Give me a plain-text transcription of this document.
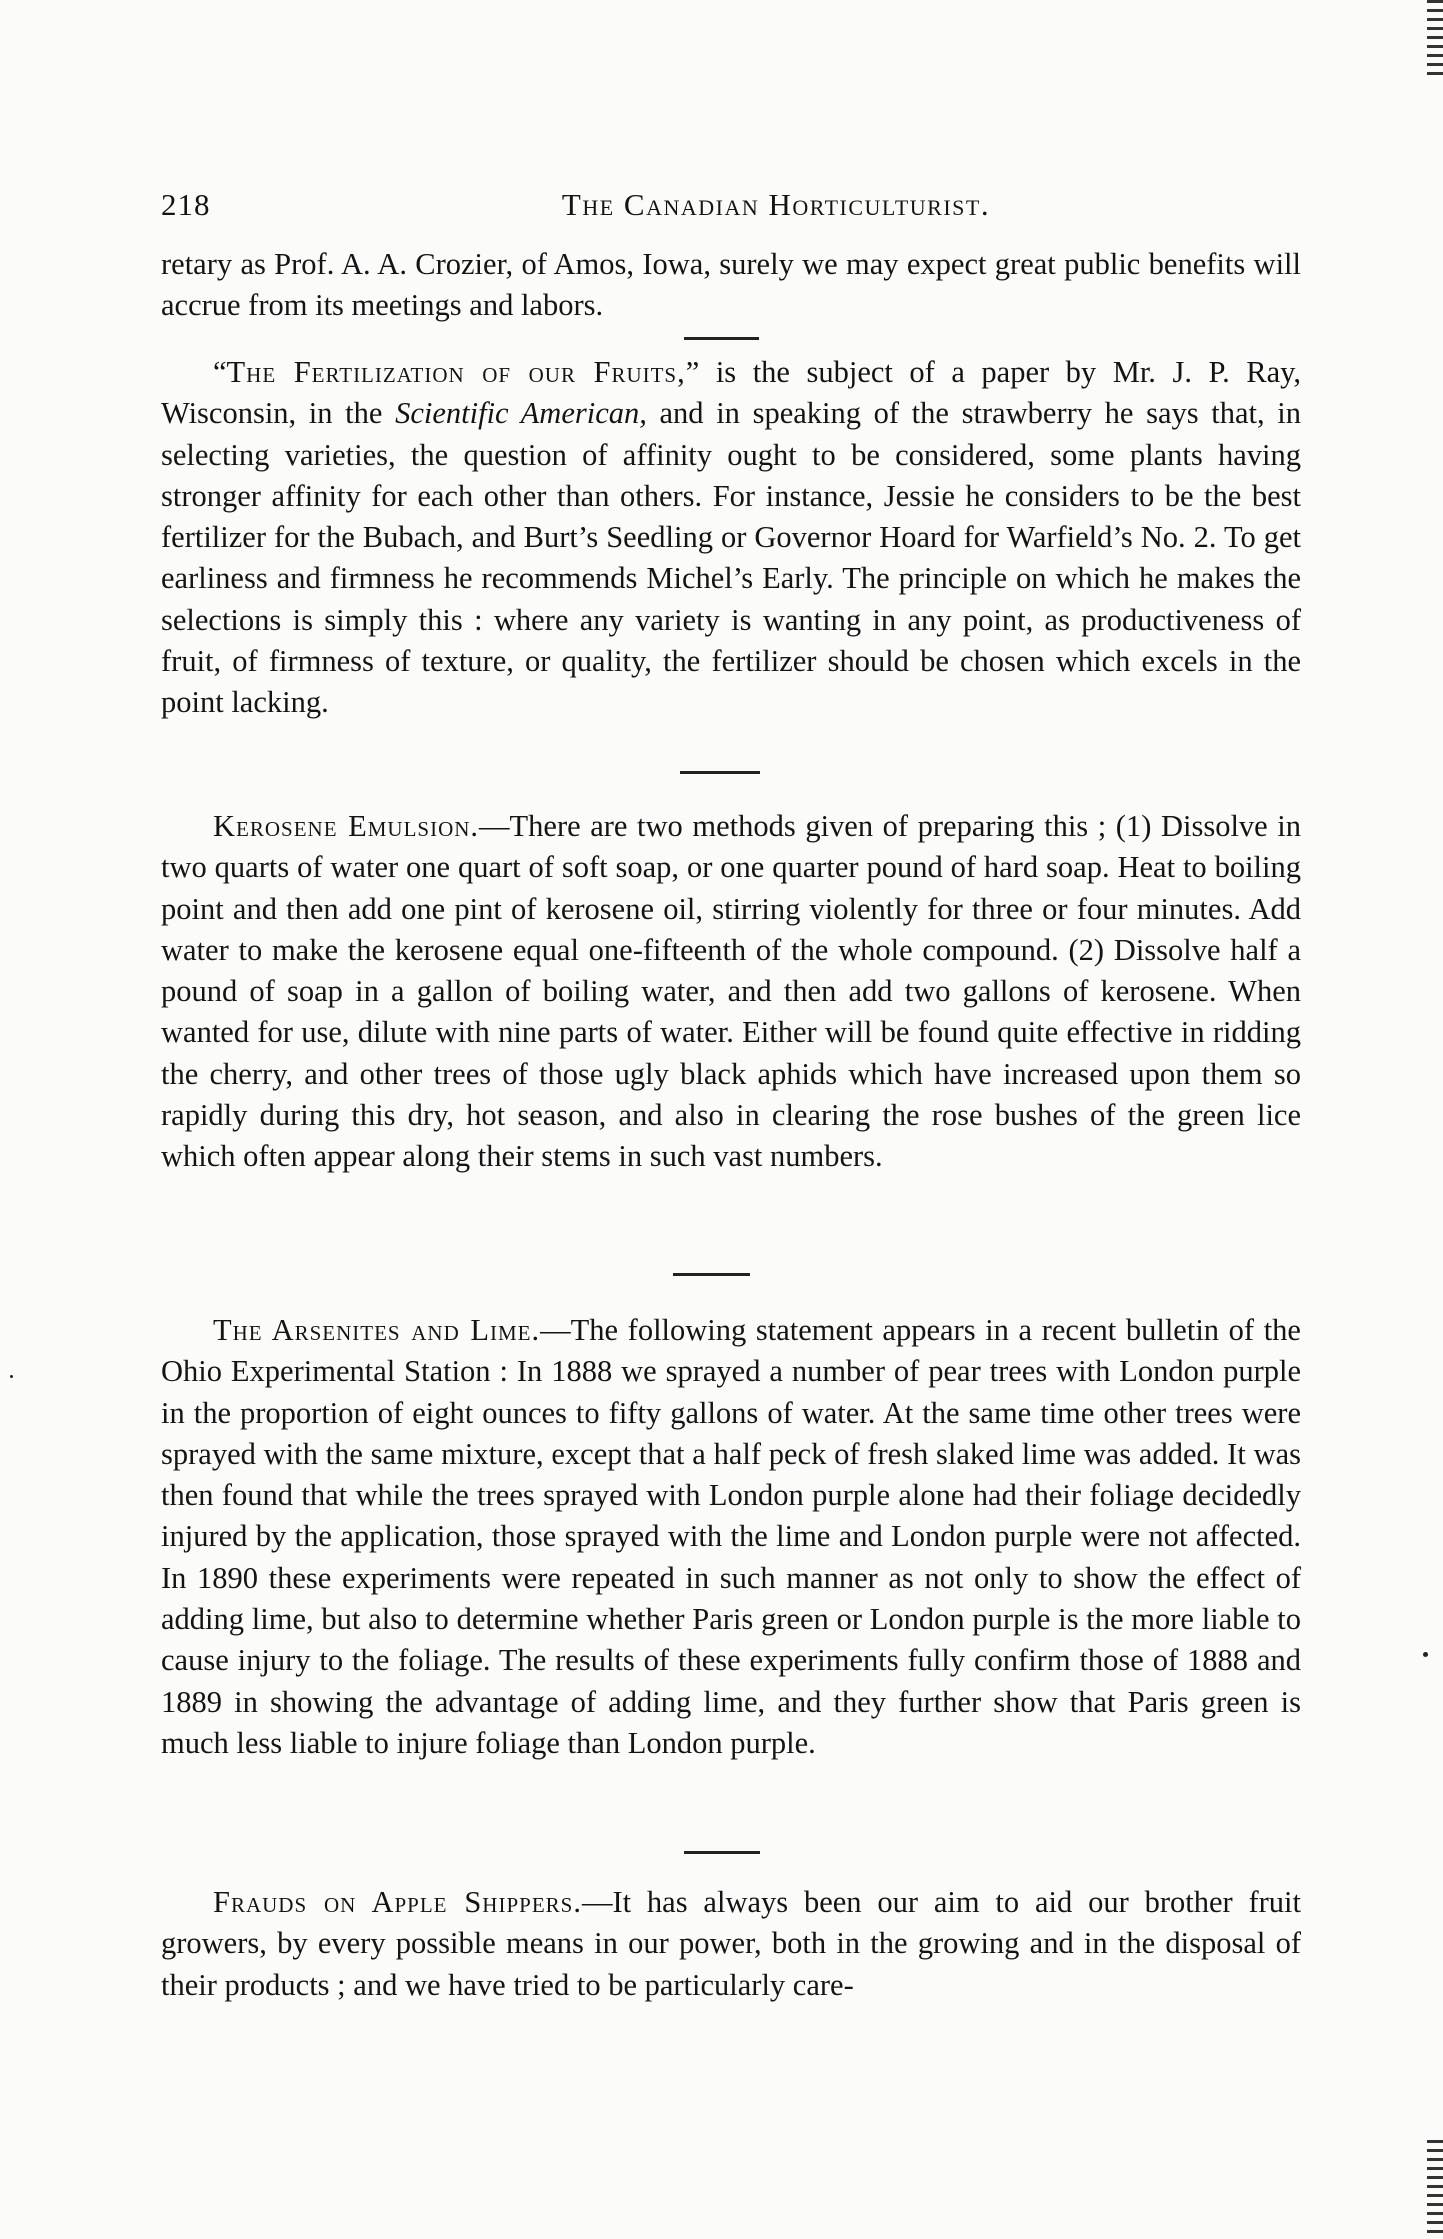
218	The Canadian Horticulturist.

retary as Prof. A. A. Crozier, of Amos, Iowa, surely we may expect great public benefits will accrue from its meetings and labors.

“The Fertilization of our Fruits,” is the subject of a paper by Mr. J. P. Ray, Wisconsin, in the Scientific American, and in speaking of the strawberry he says that, in selecting varieties, the question of affinity ought to be considered, some plants having stronger affinity for each other than others. For instance, Jessie he considers to be the best fertilizer for the Bubach, and Burt’s Seedling or Governor Hoard for Warfield’s No. 2. To get earliness and firmness he recommends Michel’s Early. The principle on which he makes the selections is simply this : where any variety is wanting in any point, as productiveness of fruit, of firmness of texture, or quality, the fertilizer should be chosen which excels in the point lacking.

Kerosene Emulsion.—There are two methods given of preparing this ; (1) Dissolve in two quarts of water one quart of soft soap, or one quarter pound of hard soap. Heat to boiling point and then add one pint of kerosene oil, stirring violently for three or four minutes. Add water to make the kerosene equal one-fifteenth of the whole compound. (2) Dissolve half a pound of soap in a gallon of boiling water, and then add two gallons of kerosene. When wanted for use, dilute with nine parts of water. Either will be found quite effective in ridding the cherry, and other trees of those ugly black aphids which have increased upon them so rapidly during this dry, hot season, and also in clearing the rose bushes of the green lice which often appear along their stems in such vast numbers.

The Arsenites and Lime.—The following statement appears in a recent bulletin of the Ohio Experimental Station : In 1888 we sprayed a number of pear trees with London purple in the proportion of eight ounces to fifty gallons of water. At the same time other trees were sprayed with the same mixture, except that a half peck of fresh slaked lime was added. It was then found that while the trees sprayed with London purple alone had their foliage decidedly injured by the application, those sprayed with the lime and London purple were not affected. In 1890 these experiments were repeated in such manner as not only to show the effect of adding lime, but also to determine whether Paris green or London purple is the more liable to cause injury to the foliage. The results of these experiments fully confirm those of 1888 and 1889 in showing the advantage of adding lime, and they further show that Paris green is much less liable to injure foliage than London purple.

Frauds on Apple Shippers.—It has always been our aim to aid our brother fruit growers, by every possible means in our power, both in the growing and in the disposal of their products ; and we have tried to be particularly care-
